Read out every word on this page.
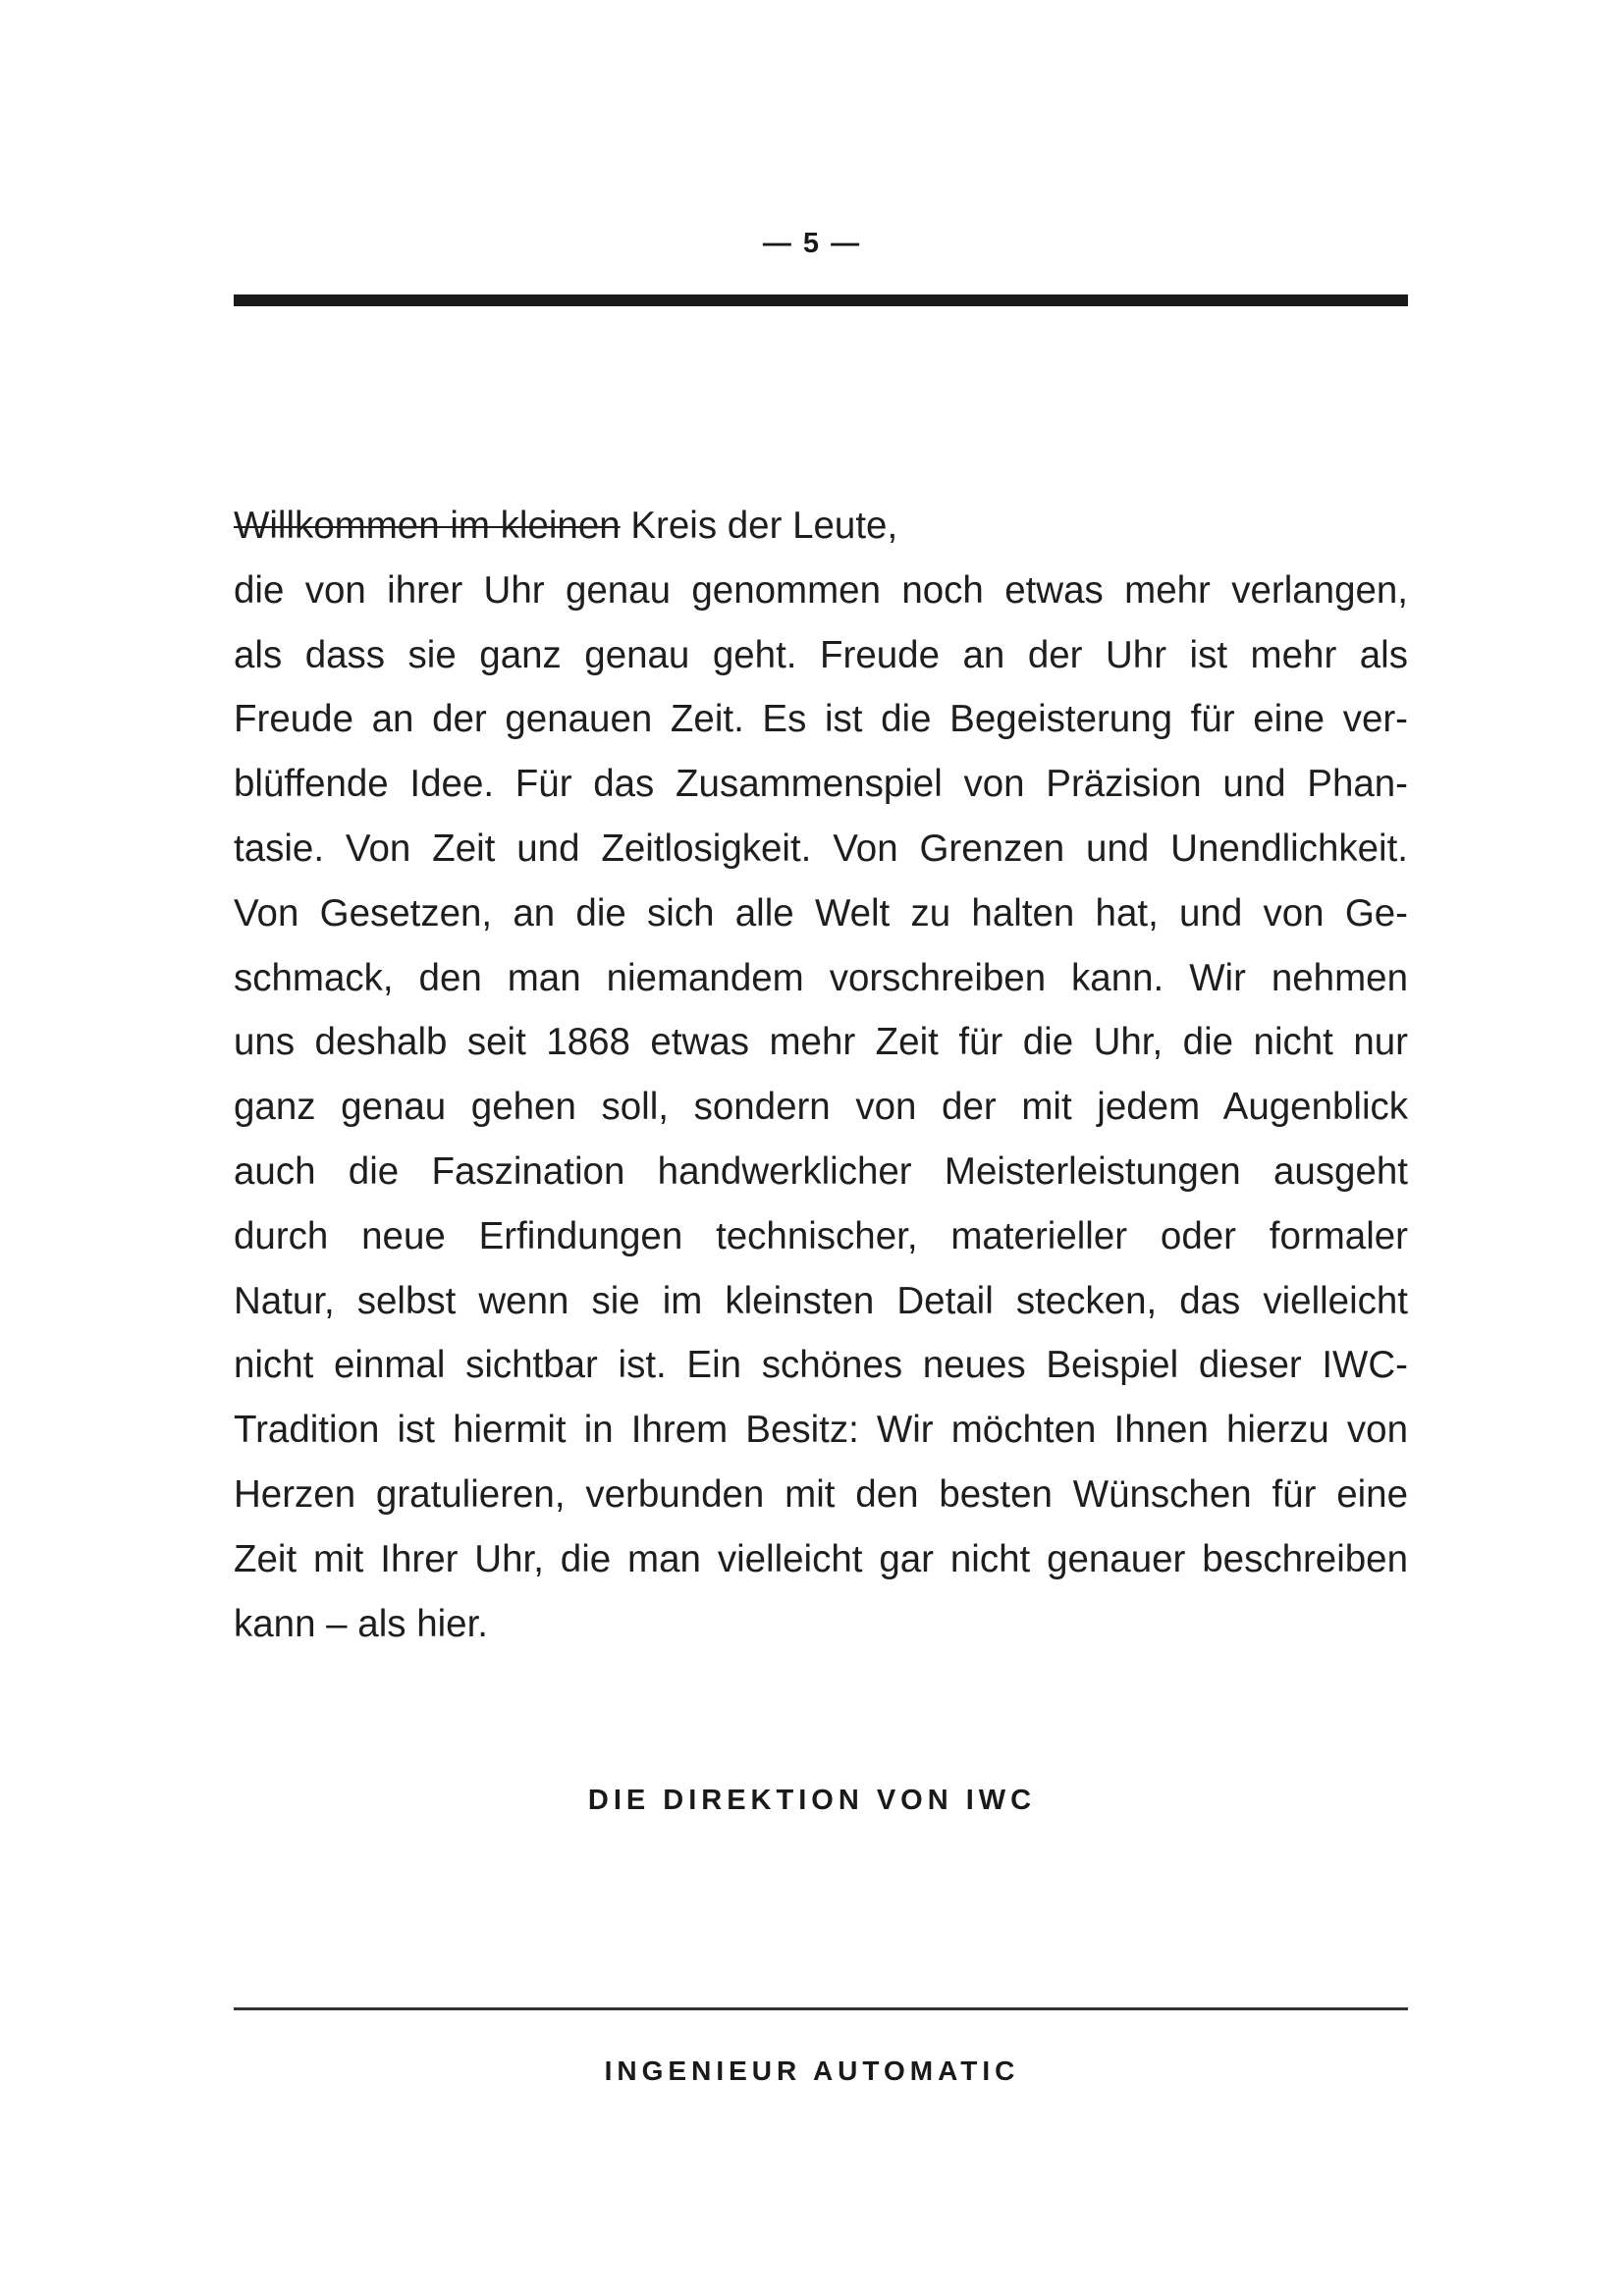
— 5 —
Willkommen im kleinen Kreis der Leute,
die von ihrer Uhr genau genommen noch etwas mehr verlangen,
als dass sie ganz genau geht. Freude an der Uhr ist mehr als
Freude an der genauen Zeit. Es ist die Begeisterung für eine ver-
blüffende Idee. Für das Zusammenspiel von Präzision und Phan-
tasie. Von Zeit und Zeitlosigkeit. Von Grenzen und Unendlichkeit.
Von Gesetzen, an die sich alle Welt zu halten hat, und von Ge-
schmack, den man niemandem vorschreiben kann. Wir nehmen
uns deshalb seit 1868 etwas mehr Zeit für die Uhr, die nicht nur
ganz genau gehen soll, sondern von der mit jedem Augenblick
auch die Faszination handwerklicher Meisterleistungen ausgeht
durch neue Erfindungen technischer, materieller oder formaler
Natur, selbst wenn sie im kleinsten Detail stecken, das vielleicht
nicht einmal sichtbar ist. Ein schönes neues Beispiel dieser IWC-
Tradition ist hiermit in Ihrem Besitz: Wir möchten Ihnen hierzu von
Herzen gratulieren, verbunden mit den besten Wünschen für eine
Zeit mit Ihrer Uhr, die man vielleicht gar nicht genauer beschreiben
kann – als hier.
DIE DIREKTION VON IWC
INGENIEUR AUTOMATIC
